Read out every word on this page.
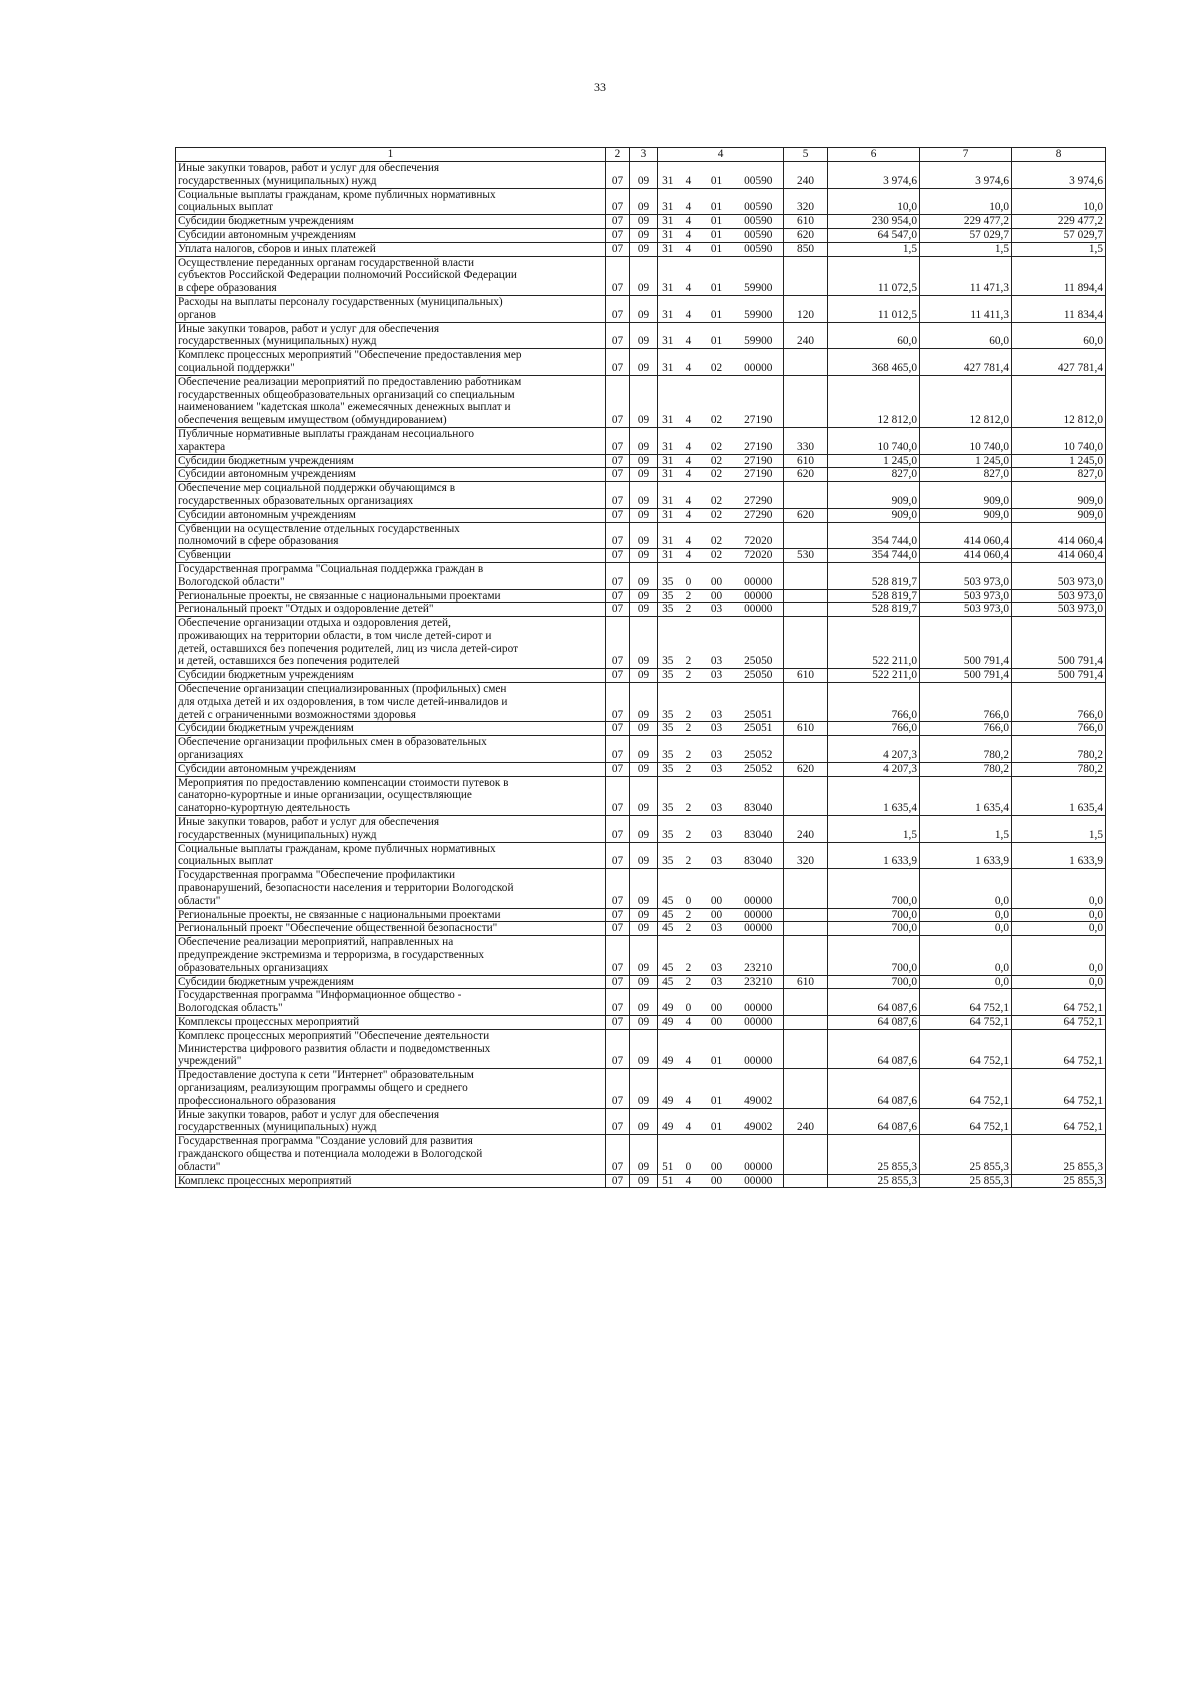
33
1	2	3	4				5	6	7	8
Иные закупки товаров, работ и услуг для обеспечения
государственных (муниципальных) нужд	07	09	31	4	01	00590	240	3 974,6	3 974,6	3 974,6
Социальные выплаты гражданам, кроме публичных нормативных
социальных выплат	07	09	31	4	01	00590	320	10,0	10,0	10,0
Субсидии бюджетным учреждениям	07	09	31	4	01	00590	610	230 954,0	229 477,2	229 477,2
Субсидии автономным учреждениям	07	09	31	4	01	00590	620	64 547,0	57 029,7	57 029,7
Уплата налогов, сборов и иных платежей	07	09	31	4	01	00590	850	1,5	1,5	1,5
Осуществление переданных органам государственной власти
субъектов Российской Федерации полномочий Российской Федерации
в сфере образования	07	09	31	4	01	59900		11 072,5	11 471,3	11 894,4
Расходы на выплаты персоналу государственных (муниципальных)
органов	07	09	31	4	01	59900	120	11 012,5	11 411,3	11 834,4
Иные закупки товаров, работ и услуг для обеспечения
государственных (муниципальных) нужд	07	09	31	4	01	59900	240	60,0	60,0	60,0
Комплекс процессных мероприятий "Обеспечение предоставления мер
социальной поддержки"	07	09	31	4	02	00000		368 465,0	427 781,4	427 781,4
Обеспечение реализации мероприятий по предоставлению работникам
государственных общеобразовательных организаций со специальным
наименованием "кадетская школа" ежемесячных денежных выплат и
обеспечения вещевым имуществом (обмундированием)	07	09	31	4	02	27190		12 812,0	12 812,0	12 812,0
Публичные нормативные выплаты гражданам несоциального
характера	07	09	31	4	02	27190	330	10 740,0	10 740,0	10 740,0
Субсидии бюджетным учреждениям	07	09	31	4	02	27190	610	1 245,0	1 245,0	1 245,0
Субсидии автономным учреждениям	07	09	31	4	02	27190	620	827,0	827,0	827,0
Обеспечение мер социальной поддержки обучающимся в
государственных образовательных организациях	07	09	31	4	02	27290		909,0	909,0	909,0
Субсидии автономным учреждениям	07	09	31	4	02	27290	620	909,0	909,0	909,0
Субвенции на осуществление отдельных государственных
полномочий в сфере образования	07	09	31	4	02	72020		354 744,0	414 060,4	414 060,4
Субвенции	07	09	31	4	02	72020	530	354 744,0	414 060,4	414 060,4
Государственная программа "Социальная поддержка граждан в
Вологодской области"	07	09	35	0	00	00000		528 819,7	503 973,0	503 973,0
Региональные проекты, не связанные с национальными проектами	07	09	35	2	00	00000		528 819,7	503 973,0	503 973,0
Региональный проект "Отдых и оздоровление детей"	07	09	35	2	03	00000		528 819,7	503 973,0	503 973,0
Обеспечение организации отдыха и оздоровления детей,
проживающих на территории области, в том числе детей-сирот и
детей, оставшихся без попечения родителей, лиц из числа детей-сирот
и детей, оставшихся без попечения родителей	07	09	35	2	03	25050		522 211,0	500 791,4	500 791,4
Субсидии бюджетным учреждениям	07	09	35	2	03	25050	610	522 211,0	500 791,4	500 791,4
Обеспечение организации специализированных (профильных) смен
для отдыха детей и их оздоровления, в том числе детей-инвалидов и
детей с ограниченными возможностями здоровья	07	09	35	2	03	25051		766,0	766,0	766,0
Субсидии бюджетным учреждениям	07	09	35	2	03	25051	610	766,0	766,0	766,0
Обеспечение организации профильных смен в образовательных
организациях	07	09	35	2	03	25052		4 207,3	780,2	780,2
Субсидии автономным учреждениям	07	09	35	2	03	25052	620	4 207,3	780,2	780,2
Мероприятия по предоставлению компенсации стоимости путевок в
санаторно-курортные и иные организации, осуществляющие
санаторно-курортную деятельность	07	09	35	2	03	83040		1 635,4	1 635,4	1 635,4
Иные закупки товаров, работ и услуг для обеспечения
государственных (муниципальных) нужд	07	09	35	2	03	83040	240	1,5	1,5	1,5
Социальные выплаты гражданам, кроме публичных нормативных
социальных выплат	07	09	35	2	03	83040	320	1 633,9	1 633,9	1 633,9
Государственная программа "Обеспечение профилактики
правонарушений, безопасности населения и территории Вологодской
области"	07	09	45	0	00	00000		700,0	0,0	0,0
Региональные проекты, не связанные с национальными проектами	07	09	45	2	00	00000		700,0	0,0	0,0
Региональный проект "Обеспечение общественной безопасности"	07	09	45	2	03	00000		700,0	0,0	0,0
Обеспечение реализации мероприятий, направленных на
предупреждение экстремизма и терроризма, в государственных
образовательных организациях	07	09	45	2	03	23210		700,0	0,0	0,0
Субсидии бюджетным учреждениям	07	09	45	2	03	23210	610	700,0	0,0	0,0
Государственная программа "Информационное общество -
Вологодская область"	07	09	49	0	00	00000		64 087,6	64 752,1	64 752,1
Комплексы процессных мероприятий	07	09	49	4	00	00000		64 087,6	64 752,1	64 752,1
Комплекс процессных мероприятий "Обеспечение деятельности
Министерства цифрового развития области и подведомственных
учреждений"	07	09	49	4	01	00000		64 087,6	64 752,1	64 752,1
Предоставление доступа к сети "Интернет" образовательным
организациям, реализующим программы общего и среднего
профессионального образования	07	09	49	4	01	49002		64 087,6	64 752,1	64 752,1
Иные закупки товаров, работ и услуг для обеспечения
государственных (муниципальных) нужд	07	09	49	4	01	49002	240	64 087,6	64 752,1	64 752,1
Государственная программа "Создание условий для развития
гражданского общества и потенциала молодежи в Вологодской
области"	07	09	51	0	00	00000		25 855,3	25 855,3	25 855,3
Комплекс процессных мероприятий	07	09	51	4	00	00000		25 855,3	25 855,3	25 855,3
